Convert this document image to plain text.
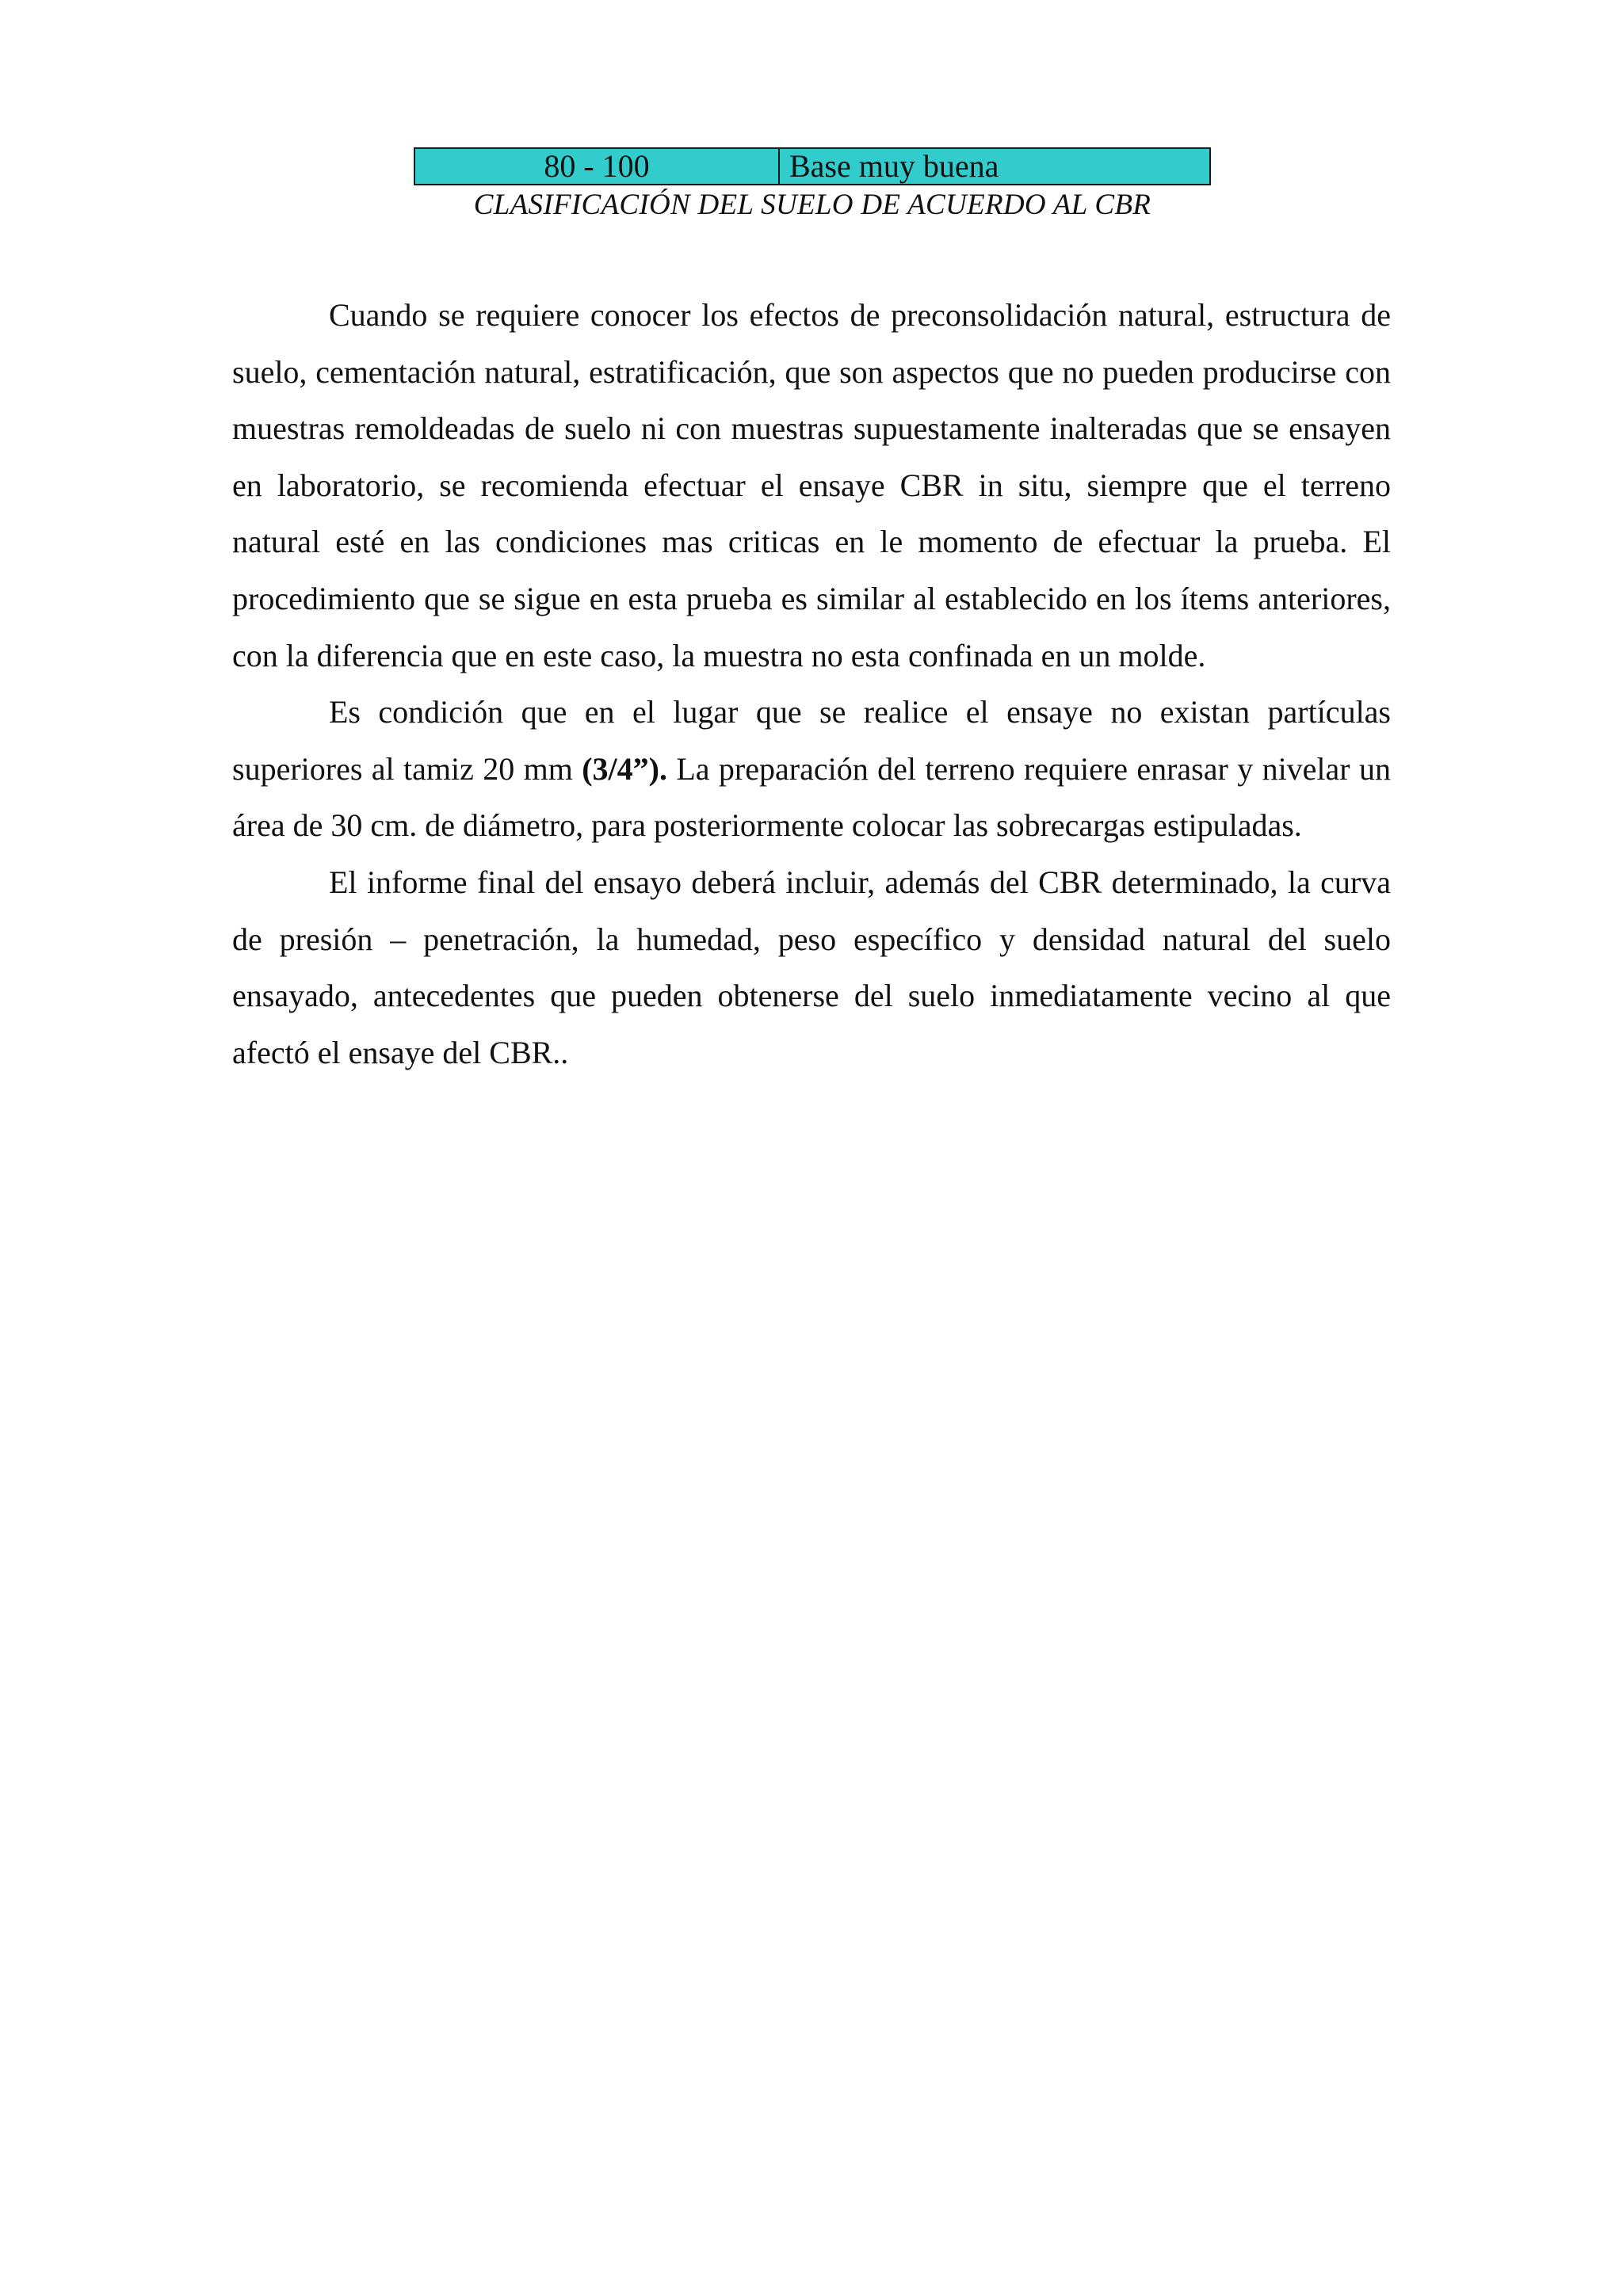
80 - 100	Base muy buena
CLASIFICACIÓN DEL SUELO DE ACUERDO AL CBR

Cuando se requiere conocer los efectos de preconsolidación natural, estructura de suelo, cementación natural, estratificación, que son aspectos que no pueden producirse con muestras remoldeadas de suelo ni con muestras supuestamente inalteradas que se ensayen en laboratorio, se recomienda efectuar el ensaye CBR in situ, siempre que el terreno natural esté en las condiciones mas criticas en le momento de efectuar la prueba. El procedimiento que se sigue en esta prueba es similar al establecido en los ítems anteriores, con la diferencia que en este caso, la muestra no esta confinada en un molde.

Es condición que en el lugar que se realice el ensaye no existan partículas superiores al tamiz 20 mm (3/4”). La preparación del terreno requiere enrasar y nivelar un área de 30 cm. de diámetro, para posteriormente colocar las sobrecargas estipuladas.

El informe final del ensayo deberá incluir, además del CBR determinado, la curva de presión – penetración, la humedad, peso específico y densidad natural del suelo ensayado, antecedentes que pueden obtenerse del suelo inmediatamente vecino al que afectó el ensaye del CBR..
